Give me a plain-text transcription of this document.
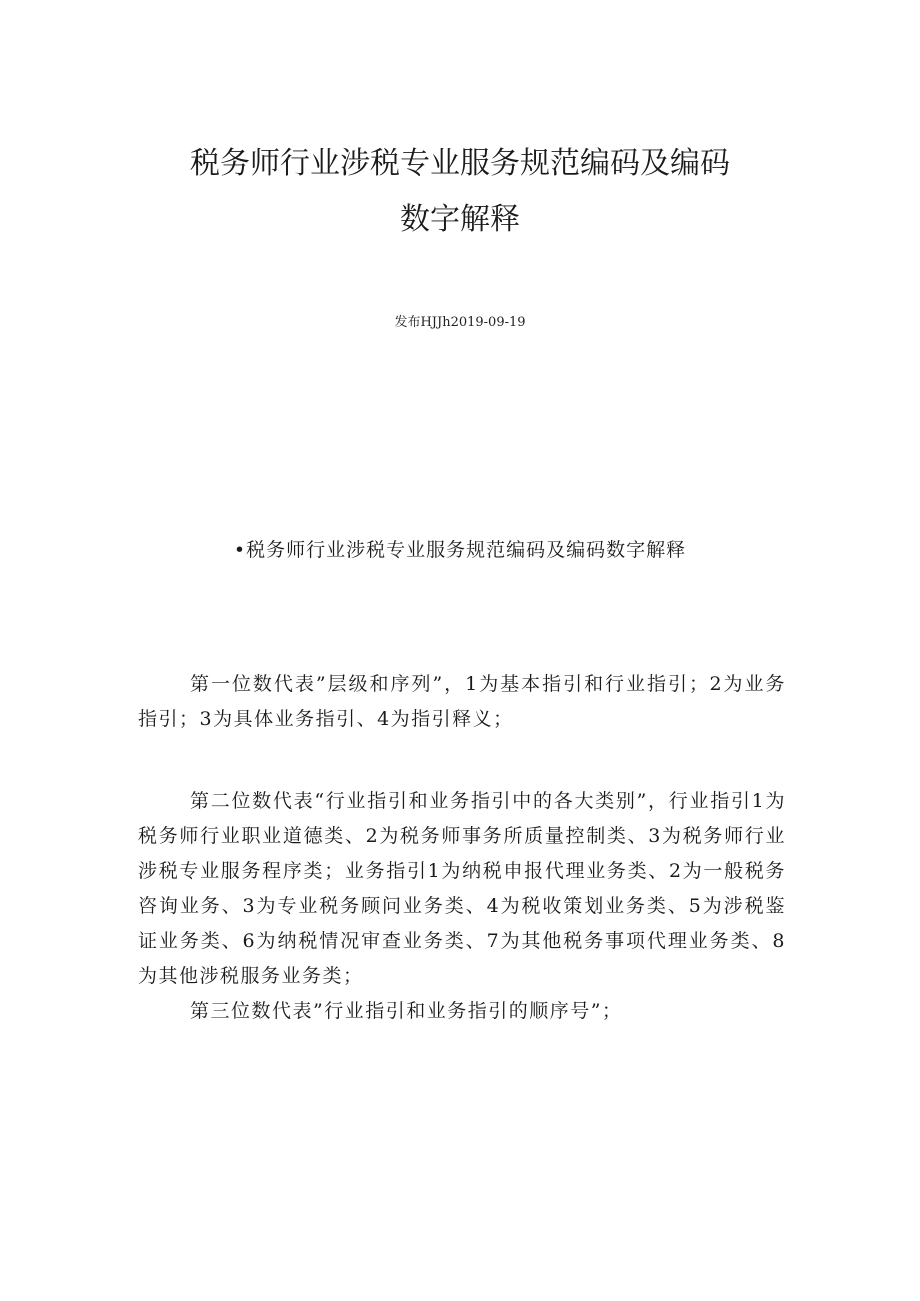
税务师行业涉税专业服务规范编码及编码
数字解释
发布HJJh2019-09-19
•税务师行业涉税专业服务规范编码及编码数字解释

第一位数代表”层级和序列”，1为基本指引和行业指引；2为业务指引；3为具体业务指引、4为指引释义；

第二位数代表“行业指引和业务指引中的各大类别”，行业指引1为税务师行业职业道德类、2为税务师事务所质量控制类、3为税务师行业涉税专业服务程序类；业务指引1为纳税申报代理业务类、2为一般税务咨询业务、3为专业税务顾问业务类、4为税收策划业务类、5为涉税鉴证业务类、6为纳税情况审查业务类、7为其他税务事项代理业务类、8为其他涉税服务业务类；

第三位数代表”行业指引和业务指引的顺序号”；
